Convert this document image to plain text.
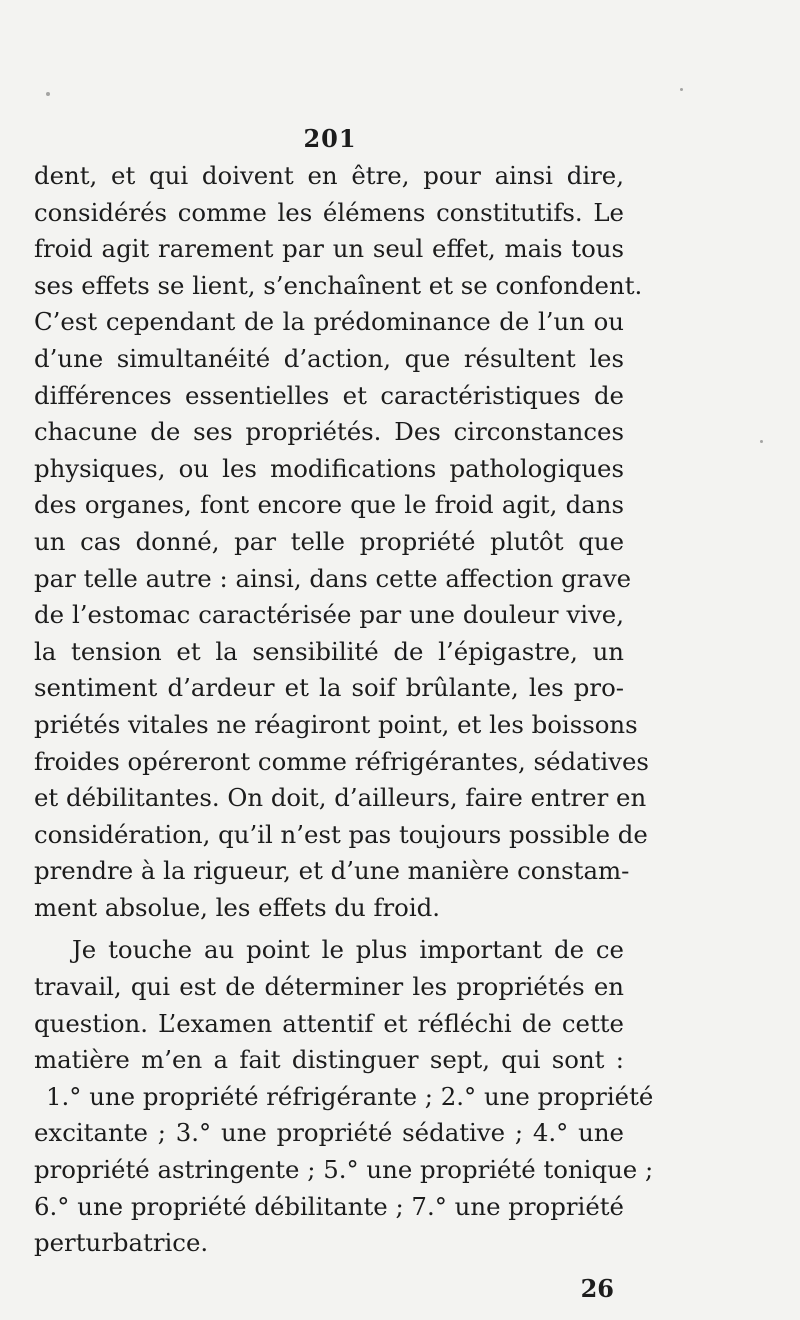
201
dent, et qui doivent en être, pour ainsi dire,
considérés comme les élémens constitutifs. Le
froid agit rarement par un seul effet, mais tous
ses effets se lient, s’enchaînent et se confondent.
C’est cependant de la prédominance de l’un ou
d’une simultanéité d’action, que résultent les
différences essentielles et caractéristiques de
chacune de ses propriétés. Des circonstances
physiques, ou les modifications pathologiques
des organes, font encore que le froid agit, dans
un cas donné, par telle propriété plutôt que
par telle autre : ainsi, dans cette affection grave
de l’estomac caractérisée par une douleur vive,
la tension et la sensibilité de l’épigastre, un
sentiment d’ardeur et la soif brûlante, les pro-
priétés vitales ne réagiront point, et les boissons
froides opéreront comme réfrigérantes, sédatives
et débilitantes. On doit, d’ailleurs, faire entrer en
considération, qu’il n’est pas toujours possible de
prendre à la rigueur, et d’une manière constam-
ment absolue, les effets du froid.
Je touche au point le plus important de ce
travail, qui est de déterminer les propriétés en
question. L’examen attentif et réfléchi de cette
matière m’en a fait distinguer sept, qui sont :
1.° une propriété réfrigérante ; 2.° une propriété
excitante ; 3.° une propriété sédative ; 4.° une
propriété astringente ; 5.° une propriété tonique ;
6.° une propriété débilitante ; 7.° une propriété
perturbatrice.
26
